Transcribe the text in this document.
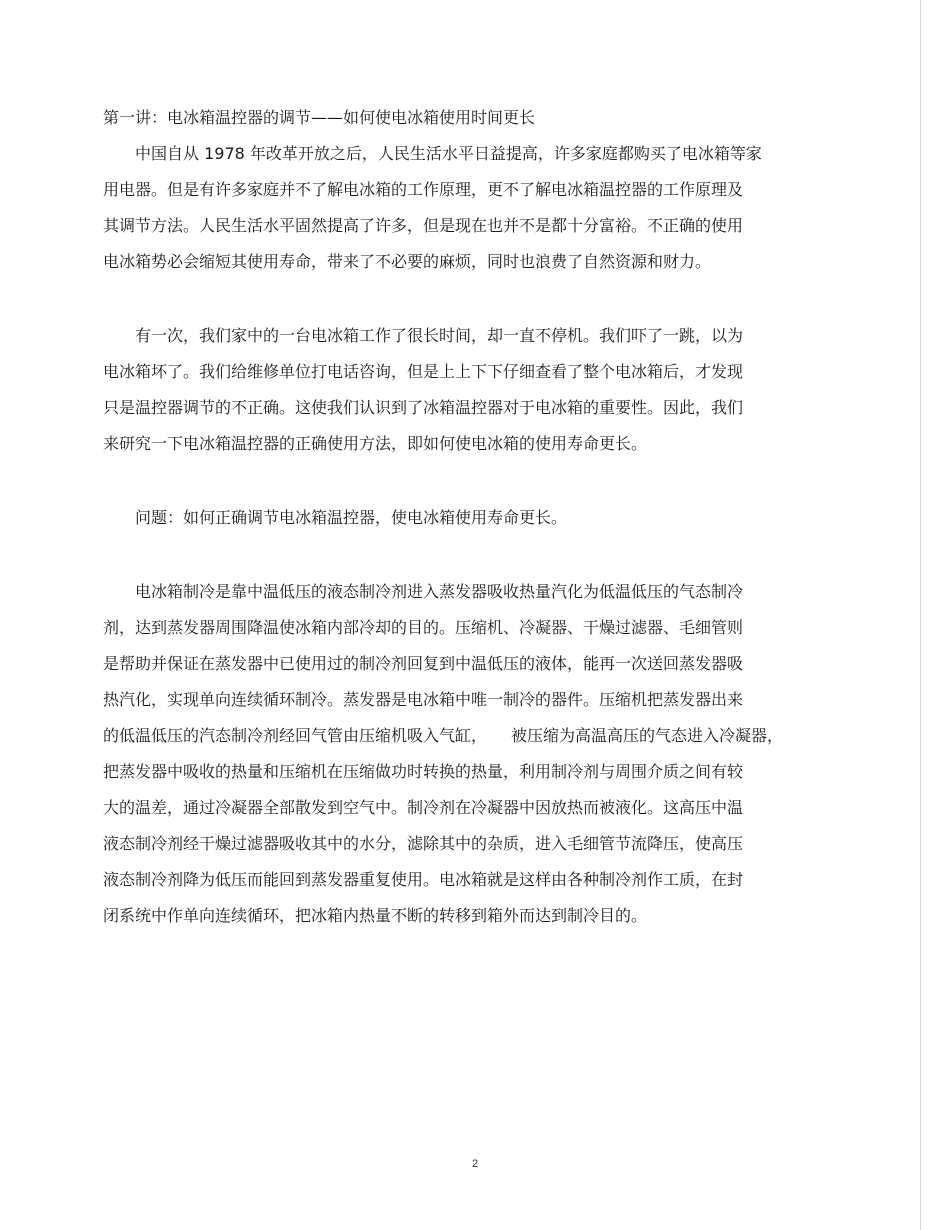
第一讲：电冰箱温控器的调节——如何使电冰箱使用时间更长
　　中国自从 1978 年改革开放之后，人民生活水平日益提高，许多家庭都购买了电冰箱等家
用电器。但是有许多家庭并不了解电冰箱的工作原理，更不了解电冰箱温控器的工作原理及
其调节方法。人民生活水平固然提高了许多，但是现在也并不是都十分富裕。不正确的使用
电冰箱势必会缩短其使用寿命，带来了不必要的麻烦，同时也浪费了自然资源和财力。
　　有一次，我们家中的一台电冰箱工作了很长时间，却一直不停机。我们吓了一跳，以为
电冰箱坏了。我们给维修单位打电话咨询，但是上上下下仔细查看了整个电冰箱后，才发现
只是温控器调节的不正确。这使我们认识到了冰箱温控器对于电冰箱的重要性。因此，我们
来研究一下电冰箱温控器的正确使用方法，即如何使电冰箱的使用寿命更长。
　　问题：如何正确调节电冰箱温控器，使电冰箱使用寿命更长。
　　电冰箱制冷是靠中温低压的液态制冷剂进入蒸发器吸收热量汽化为低温低压的气态制冷
剂，达到蒸发器周围降温使冰箱内部冷却的目的。压缩机、冷凝器、干燥过滤器、毛细管则
是帮助并保证在蒸发器中已使用过的制冷剂回复到中温低压的液体，能再一次送回蒸发器吸
热汽化，实现单向连续循环制冷。蒸发器是电冰箱中唯一制冷的器件。压缩机把蒸发器出来
的低温低压的汽态制冷剂经回气管由压缩机吸入气缸，　　被压缩为高温高压的气态进入冷凝器，
把蒸发器中吸收的热量和压缩机在压缩做功时转换的热量，利用制冷剂与周围介质之间有较
大的温差，通过冷凝器全部散发到空气中。制冷剂在冷凝器中因放热而被液化。这高压中温
液态制冷剂经干燥过滤器吸收其中的水分，滤除其中的杂质，进入毛细管节流降压，使高压
液态制冷剂降为低压而能回到蒸发器重复使用。电冰箱就是这样由各种制冷剂作工质，在封
闭系统中作单向连续循环，把冰箱内热量不断的转移到箱外而达到制冷目的。
2
